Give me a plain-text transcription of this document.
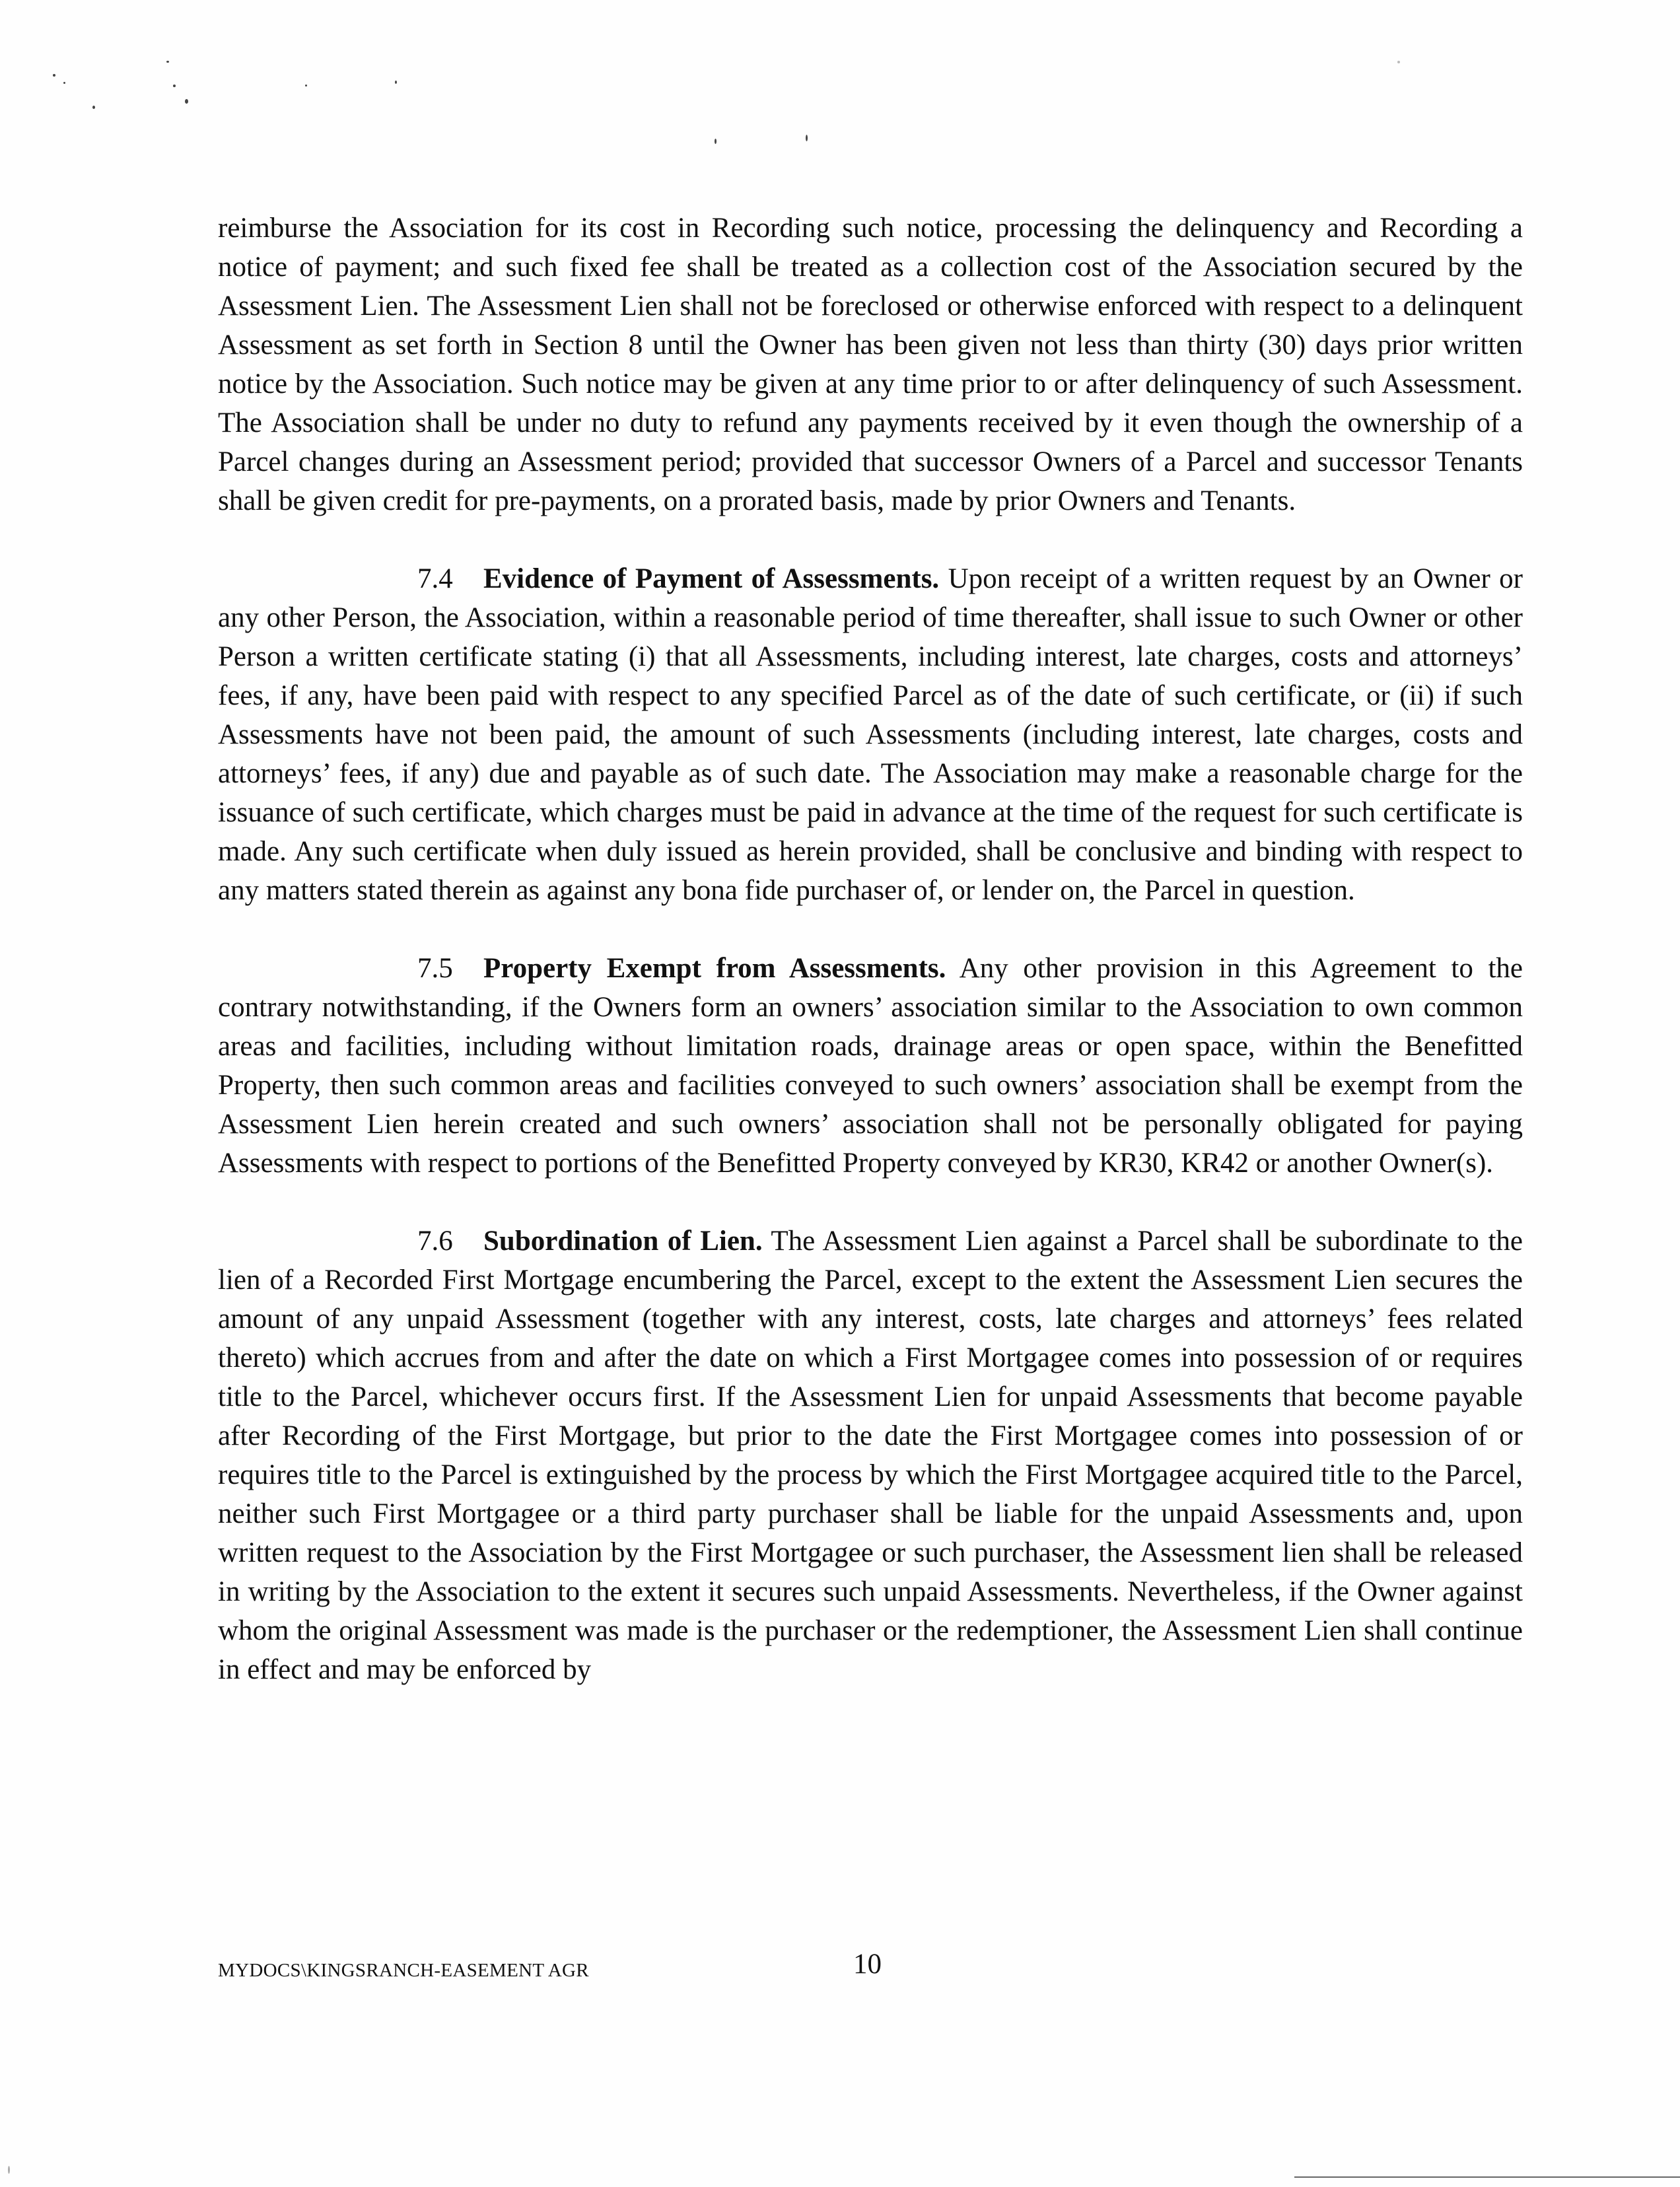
reimburse the Association for its cost in Recording such notice, processing the delinquency and Recording a notice of payment; and such fixed fee shall be treated as a collection cost of the Association secured by the Assessment Lien. The Assessment Lien shall not be foreclosed or otherwise enforced with respect to a delinquent Assessment as set forth in Section 8 until the Owner has been given not less than thirty (30) days prior written notice by the Association. Such notice may be given at any time prior to or after delinquency of such Assessment. The Association shall be under no duty to refund any payments received by it even though the ownership of a Parcel changes during an Assessment period; provided that successor Owners of a Parcel and successor Tenants shall be given credit for pre-payments, on a prorated basis, made by prior Owners and Tenants.

7.4 Evidence of Payment of Assessments. Upon receipt of a written request by an Owner or any other Person, the Association, within a reasonable period of time thereafter, shall issue to such Owner or other Person a written certificate stating (i) that all Assessments, including interest, late charges, costs and attorneys’ fees, if any, have been paid with respect to any specified Parcel as of the date of such certificate, or (ii) if such Assessments have not been paid, the amount of such Assessments (including interest, late charges, costs and attorneys’ fees, if any) due and payable as of such date. The Association may make a reasonable charge for the issuance of such certificate, which charges must be paid in advance at the time of the request for such certificate is made. Any such certificate when duly issued as herein provided, shall be conclusive and binding with respect to any matters stated therein as against any bona fide purchaser of, or lender on, the Parcel in question.

7.5 Property Exempt from Assessments. Any other provision in this Agreement to the contrary notwithstanding, if the Owners form an owners’ association similar to the Association to own common areas and facilities, including without limitation roads, drainage areas or open space, within the Benefitted Property, then such common areas and facilities conveyed to such owners’ association shall be exempt from the Assessment Lien herein created and such owners’ association shall not be personally obligated for paying Assessments with respect to portions of the Benefitted Property conveyed by KR30, KR42 or another Owner(s).

7.6 Subordination of Lien. The Assessment Lien against a Parcel shall be subordinate to the lien of a Recorded First Mortgage encumbering the Parcel, except to the extent the Assessment Lien secures the amount of any unpaid Assessment (together with any interest, costs, late charges and attorneys’ fees related thereto) which accrues from and after the date on which a First Mortgagee comes into possession of or requires title to the Parcel, whichever occurs first. If the Assessment Lien for unpaid Assessments that become payable after Recording of the First Mortgage, but prior to the date the First Mortgagee comes into possession of or requires title to the Parcel is extinguished by the process by which the First Mortgagee acquired title to the Parcel, neither such First Mortgagee or a third party purchaser shall be liable for the unpaid Assessments and, upon written request to the Association by the First Mortgagee or such purchaser, the Assessment lien shall be released in writing by the Association to the extent it secures such unpaid Assessments. Nevertheless, if the Owner against whom the original Assessment was made is the purchaser or the redemptioner, the Assessment Lien shall continue in effect and may be enforced by

MYDOCS\KINGSRANCH-EASEMENT AGR	10
